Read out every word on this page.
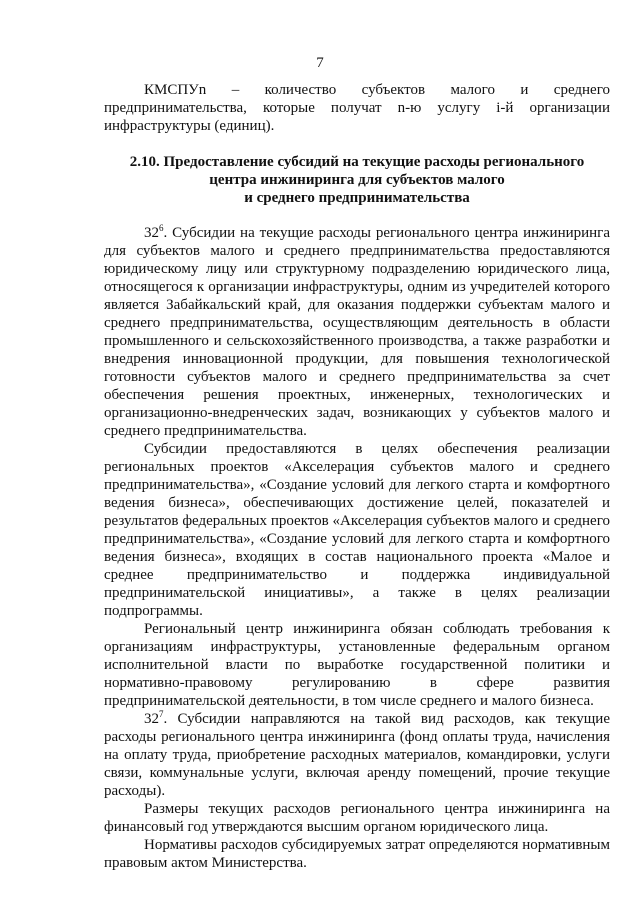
7

КМСПУn – количество субъектов малого и среднего предпринимательства, которые получат n-ю услугу i-й организации инфраструктуры (единиц).

2.10. Предоставление субсидий на текущие расходы регионального
центра инжиниринга для субъектов малого
и среднего предпринимательства

$32^6$. Субсидии на текущие расходы регионального центра инжиниринга для субъектов малого и среднего предпринимательства предоставляются юридическому лицу или структурному подразделению юридического лица, относящегося к организации инфраструктуры, одним из учредителей которого является Забайкальский край, для оказания поддержки субъектам малого и среднего предпринимательства, осуществляющим деятельность в области промышленного и сельскохозяйственного производства, а также разработки и внедрения инновационной продукции, для повышения технологической готовности субъектов малого и среднего предпринимательства за счет обеспечения решения проектных, инженерных, технологических и организационно-внедренческих задач, возникающих у субъектов малого и среднего предпринимательства.

Субсидии предоставляются в целях обеспечения реализации региональных проектов «Акселерация субъектов малого и среднего предпринимательства», «Создание условий для легкого старта и комфортного ведения бизнеса», обеспечивающих достижение целей, показателей и результатов федеральных проектов «Акселерация субъектов малого и среднего предпринимательства», «Создание условий для легкого старта и комфортного ведения бизнеса», входящих в состав национального проекта «Малое и среднее предпринимательство и поддержка индивидуальной предпринимательской инициативы», а также в целях реализации подпрограммы.

Региональный центр инжиниринга обязан соблюдать требования к организациям инфраструктуры, установленные федеральным органом исполнительной власти по выработке государственной политики и нормативно-правовому регулированию в сфере развития предпринимательской деятельности, в том числе среднего и малого бизнеса.

$32^7$. Субсидии направляются на такой вид расходов, как текущие расходы регионального центра инжиниринга (фонд оплаты труда, начисления на оплату труда, приобретение расходных материалов, командировки, услуги связи, коммунальные услуги, включая аренду помещений, прочие текущие расходы).

Размеры текущих расходов регионального центра инжиниринга на финансовый год утверждаются высшим органом юридического лица.

Нормативы расходов субсидируемых затрат определяются нормативным правовым актом Министерства.
